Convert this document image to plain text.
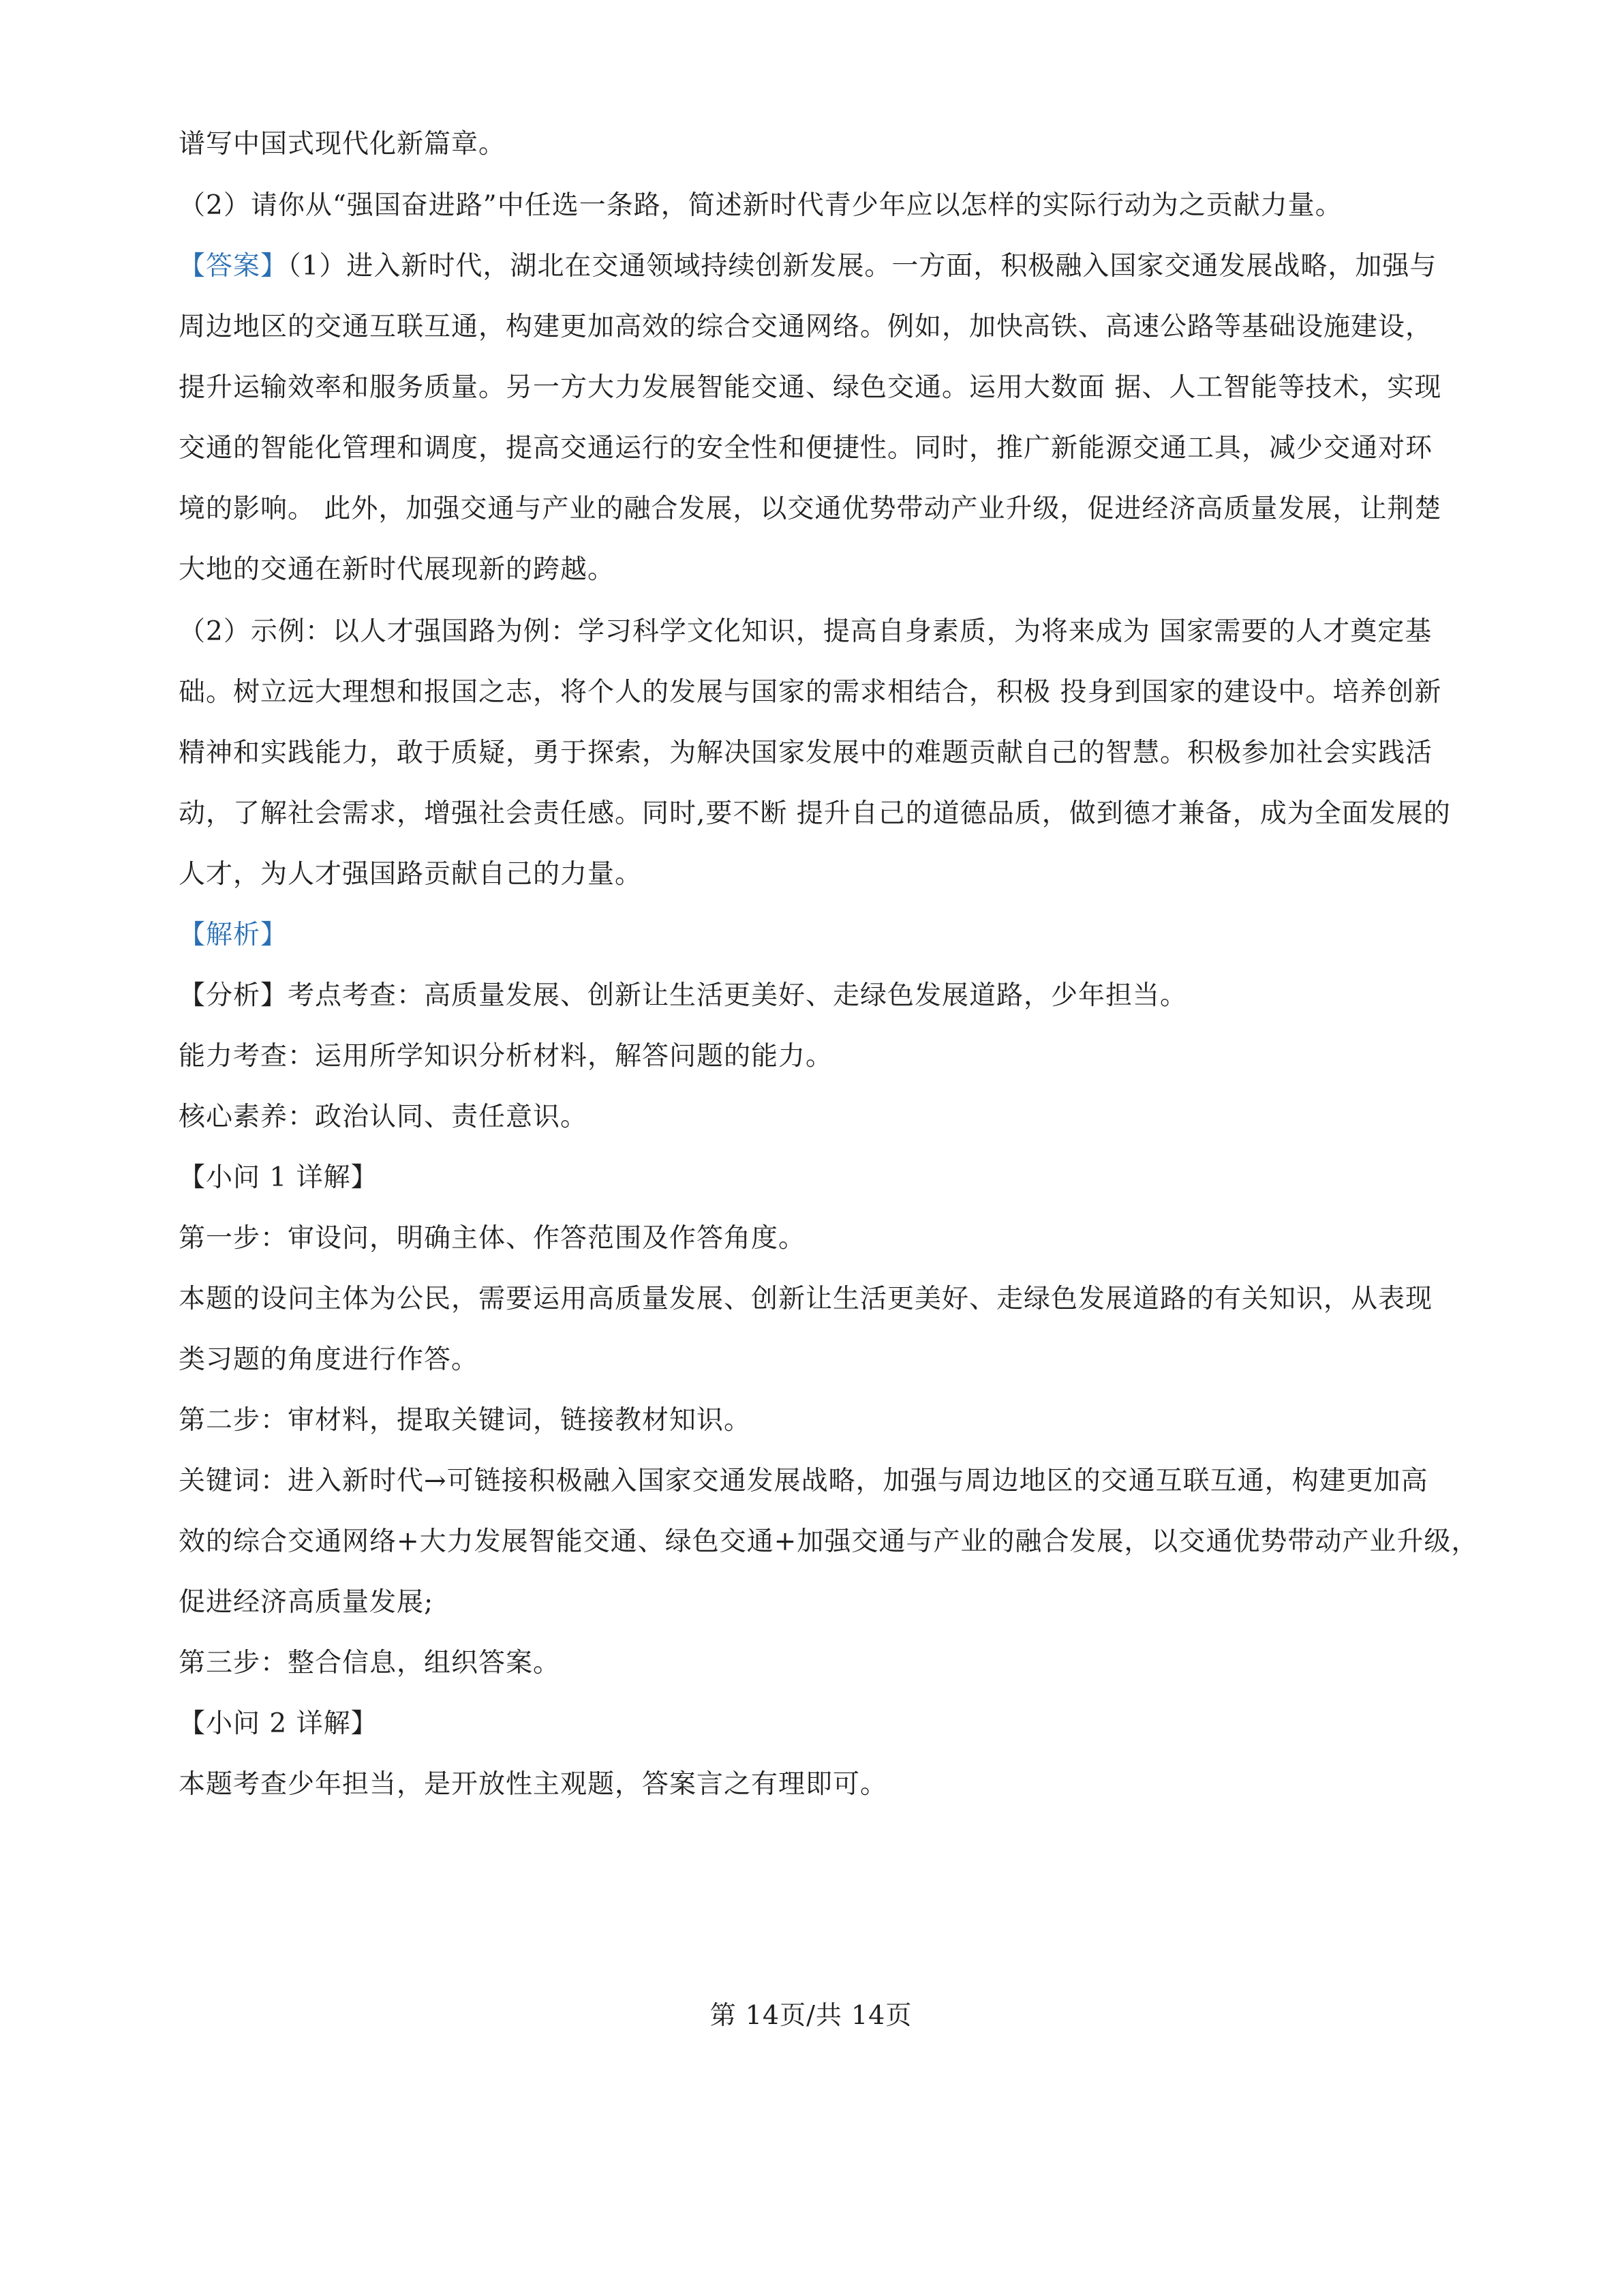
谱写中国式现代化新篇章。
（2）请你从“强国奋进路”中任选一条路，简述新时代青少年应以怎样的实际行动为之贡献力量。
【答案】（1）进入新时代，湖北在交通领域持续创新发展。一方面，积极融入国家交通发展战略，加强与
周边地区的交通互联互通，构建更加高效的综合交通网络。例如，加快高铁、高速公路等基础设施建设，
提升运输效率和服务质量。另一方大力发展智能交通、绿色交通。运用大数面 据、人工智能等技术，实现
交通的智能化管理和调度，提高交通运行的安全性和便捷性。同时，推广新能源交通工具，减少交通对环
境的影响。 此外，加强交通与产业的融合发展，以交通优势带动产业升级，促进经济高质量发展，让荆楚
大地的交通在新时代展现新的跨越。
（2）示例：以人才强国路为例：学习科学文化知识，提高自身素质，为将来成为 国家需要的人才奠定基
础。树立远大理想和报国之志，将个人的发展与国家的需求相结合，积极 投身到国家的建设中。培养创新
精神和实践能力，敢于质疑，勇于探索，为解决国家发展中的难题贡献自己的智慧。积极参加社会实践活
动，了解社会需求，增强社会责任感。同时,要不断 提升自己的道德品质，做到德才兼备，成为全面发展的
人才，为人才强国路贡献自己的力量。
【解析】
【分析】考点考查：高质量发展、创新让生活更美好、走绿色发展道路，少年担当。
能力考查：运用所学知识分析材料，解答问题的能力。
核心素养：政治认同、责任意识。
【小问 1 详解】
第一步：审设问，明确主体、作答范围及作答角度。
本题的设问主体为公民，需要运用高质量发展、创新让生活更美好、走绿色发展道路的有关知识，从表现
类习题的角度进行作答。
第二步：审材料，提取关键词，链接教材知识。
关键词：进入新时代→可链接积极融入国家交通发展战略，加强与周边地区的交通互联互通，构建更加高
效的综合交通网络+大力发展智能交通、绿色交通+加强交通与产业的融合发展，以交通优势带动产业升级，
促进经济高质量发展;
第三步：整合信息，组织答案。
【小问 2 详解】
本题考查少年担当，是开放性主观题，答案言之有理即可。
第 14页/共 14页
